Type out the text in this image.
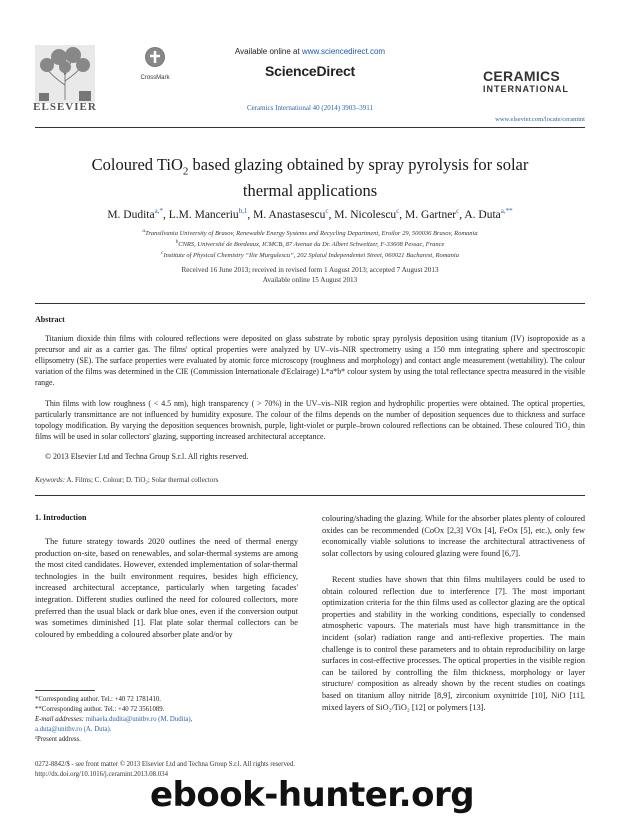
ELSEVIER
CrossMark
Available online at www.sciencedirect.com
ScienceDirect
Ceramics International 40 (2014) 3903–3911
CERAMICS
INTERNATIONAL
www.elsevier.com/locate/ceramint
Coloured TiO$_2$ based glazing obtained by spray pyrolysis for solar
thermal applications
M. Dudita$^{a,*}$, L.M. Manceriu$^{b,1}$, M. Anastasescu$^c$, M. Nicolescu$^c$, M. Gartner$^c$, A. Duta$^{a,**}$
$^a$Transilvania University of Brasov, Renewable Energy Systems and Recycling Department, Eroilor 29, 500036 Brasov, Romania
$^b$CNRS, Université de Bordeaux, ICMCB, 87 Avenue du Dr. Albert Schweitzer, F-33608 Pessac, France
$^c$Institute of Physical Chemistry “Ilie Murgulescu”, 202 Splaiul Independentei Street, 060021 Bucharest, Romania
Received 16 June 2013; received in revised form 1 August 2013; accepted 7 August 2013
Available online 15 August 2013
Abstract
Titanium dioxide thin films with coloured reflections were deposited on glass substrate by robotic spray pyrolysis deposition using titanium (IV) isopropoxide as a precursor and air as a carrier gas. The films' optical properties were analyzed by UV–vis–NIR spectrometry using a 150 mm integrating sphere and spectroscopic ellipsometry (SE). The surface properties were evaluated by atomic force microscopy (roughness and morphology) and contact angle measurement (wettability). The colour variation of the films was determined in the CIE (Commission Internationale d'Eclairage) L*a*b* colour system by using the total reflectance spectra measured in the visible range.
Thin films with low roughness ( < 4.5 nm), high transparency ( > 70%) in the UV–vis–NIR region and hydrophilic properties were obtained. The optical properties, particularly transmittance are not influenced by humidity exposure. The colour of the films depends on the number of deposition sequences due to thickness and surface topology modification. By varying the deposition sequences brownish, purple, light-violet or purple–brown coloured reflections can be obtained. These coloured TiO₂ thin films will be used in solar collectors' glazing, supporting increased architectural acceptance.
© 2013 Elsevier Ltd and Techna Group S.r.l. All rights reserved.
Keywords: A. Films; C. Colour; D. TiO₂; Solar thermal collectors
1. Introduction
The future strategy towards 2020 outlines the need of thermal energy production on-site, based on renewables, and solar-thermal systems are among the most cited candidates. However, extended implementation of solar-thermal technologies in the built environment requires, besides high efficiency, increased architectural acceptance, particularly when targeting facades' integration. Different studies outlined the need for coloured collectors, more preferred than the usual black or dark blue ones, even if the conversion output was sometimes diminished [1]. Flat plate solar thermal collectors can be coloured by embedding a coloured absorber plate and/or by
colouring/shading the glazing. While for the absorber plates plenty of coloured oxides can be recommended (CoOx [2,3] VOx [4], FeOx [5], etc.), only few economically viable solutions to increase the architectural attractiveness of solar collectors by using coloured glazing were found [6,7].
Recent studies have shown that thin films multilayers could be used to obtain coloured reflection due to interference [7]. The most important optimization criteria for the thin films used as collector glazing are the optical properties and stability in the working conditions, especially to condensed atmospheric vapours. The materials must have high transmittance in the incident (solar) radiation range and anti-reflexive properties. The main challenge is to control these parameters and to obtain reproducibility on large surfaces in cost-effective processes. The optical properties in the visible region can be tailored by controlling the film thickness, morphology or layer structure/ composition as already shown by the recent studies on coatings based on titanium alloy nitride [8,9], zirconium oxynitride [10], NiO [11], mixed layers of SiO₂/TiO₂ [12] or polymers [13].
*Corresponding author. Tel.: +40 72 1781410.
**Corresponding author. Tel.: +40 72 3561089.
E-mail addresses: mihaela.dudita@unitbv.ro (M. Dudita),
a.duta@unitbv.ro (A. Duta).
¹Present address.
0272-8842/$ - see front matter © 2013 Elsevier Ltd and Techna Group S.r.l. All rights reserved.
http://dx.doi.org/10.1016/j.ceramint.2013.08.034
ebook-hunter.org
